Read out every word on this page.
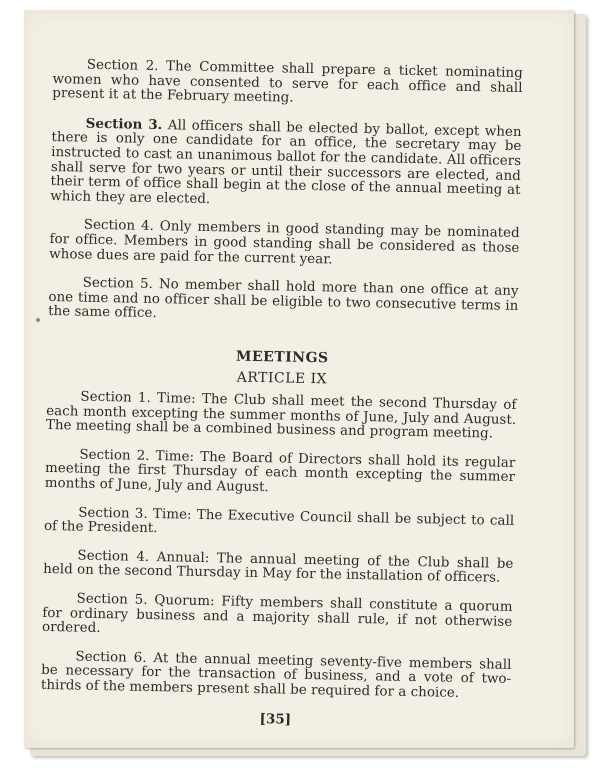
Section 2. The Committee shall prepare a ticket nominating women who have consented to serve for each office and shall present it at the February meeting.

Section 3. All officers shall be elected by ballot, except when there is only one candidate for an office, the secretary may be instructed to cast an unanimous ballot for the candidate. All officers shall serve for two years or until their successors are elected, and their term of office shall begin at the close of the annual meeting at which they are elected.

Section 4. Only members in good standing may be nominated for office. Members in good standing shall be considered as those whose dues are paid for the current year.

Section 5. No member shall hold more than one office at any one time and no officer shall be eligible to two consecutive terms in the same office.

MEETINGS
ARTICLE IX

Section 1. Time: The Club shall meet the second Thursday of each month excepting the summer months of June, July and August. The meeting shall be a combined business and program meeting.

Section 2. Time: The Board of Directors shall hold its regular meeting the first Thursday of each month excepting the summer months of June, July and August.

Section 3. Time: The Executive Council shall be subject to call of the President.

Section 4. Annual: The annual meeting of the Club shall be held on the second Thursday in May for the installation of officers.

Section 5. Quorum: Fifty members shall constitute a quorum for ordinary business and a majority shall rule, if not otherwise ordered.

Section 6. At the annual meeting seventy-five members shall be necessary for the transaction of business, and a vote of two-thirds of the members present shall be required for a choice.

[35]
